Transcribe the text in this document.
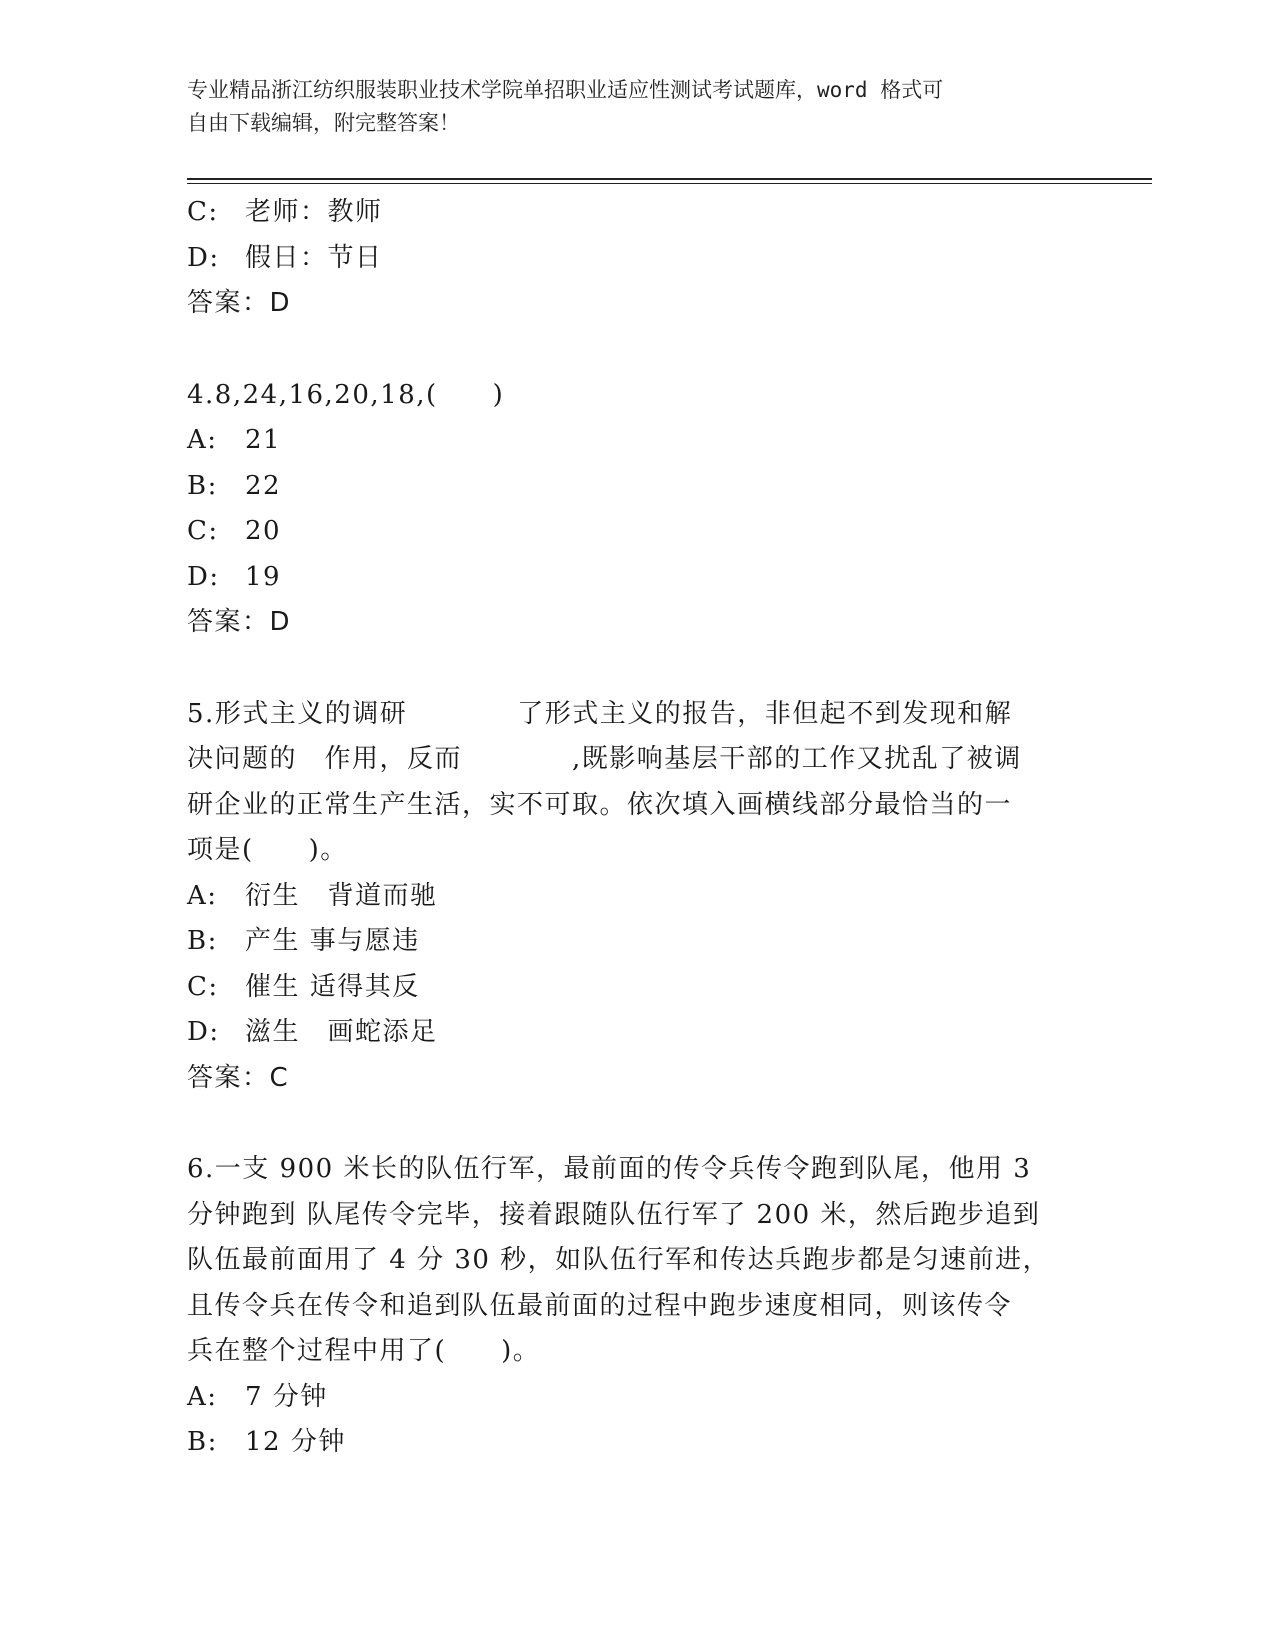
专业精品浙江纺织服装职业技术学院单招职业适应性测试考试题库，word 格式可
自由下载编辑，附完整答案！
C: 老师：教师
D: 假日：节日
答案：D
4.8,24,16,20,18,(　　)
A: 21
B: 22
C: 20
D: 19
答案：D
5.形式主义的调研　　　　了形式主义的报告，非但起不到发现和解
决问题的　作用，反而　　　　,既影响基层干部的工作又扰乱了被调
研企业的正常生产生活，实不可取。依次填入画横线部分最恰当的一
项是(　　)。
A: 衍生　背道而驰
B: 产生 事与愿违
C: 催生 适得其反
D: 滋生　画蛇添足
答案：C
6.一支 900 米长的队伍行军，最前面的传令兵传令跑到队尾，他用 3
分钟跑到 队尾传令完毕，接着跟随队伍行军了 200 米，然后跑步追到
队伍最前面用了 4 分 30 秒，如队伍行军和传达兵跑步都是匀速前进，
且传令兵在传令和追到队伍最前面的过程中跑步速度相同，则该传令
兵在整个过程中用了(　　)。
A: 7 分钟
B: 12 分钟
